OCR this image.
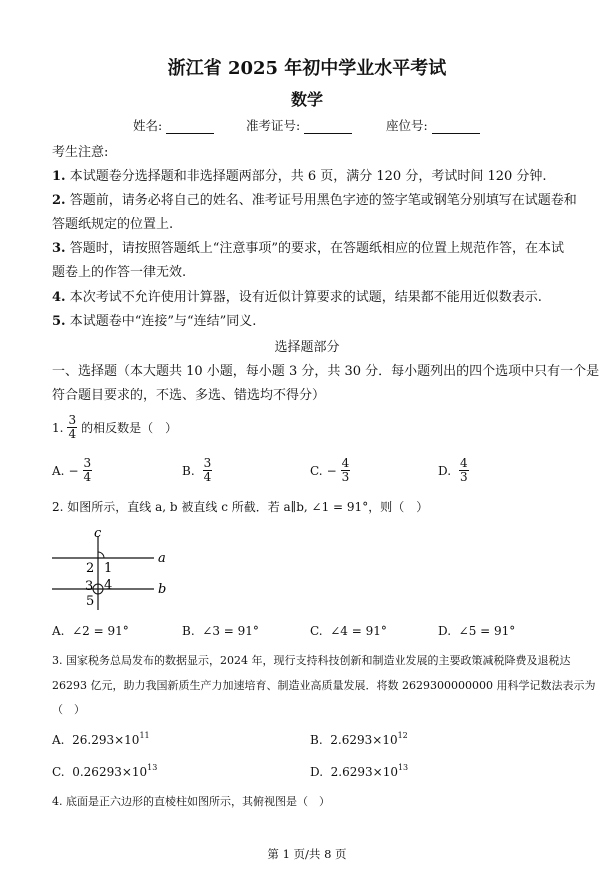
浙江省 2025 年初中学业水平考试
数学
姓名:	准考证号:	座位号:
考生注意:
1. 本试题卷分选择题和非选择题两部分，共 6 页，满分 120 分，考试时间 120 分钟.
2. 答题前，请务必将自己的姓名、准考证号用黑色字迹的签字笔或钢笔分别填写在试题卷和
答题纸规定的位置上.
3. 答题时，请按照答题纸上“注意事项”的要求，在答题纸相应的位置上规范作答，在本试
题卷上的作答一律无效.
4. 本次考试不允许使用计算器，设有近似计算要求的试题，结果都不能用近似数表示.
5. 本试题卷中“连接”与“连结”同义.
选择题部分
一、选择题（本大题共 10 小题，每小题 3 分，共 30 分．每小题列出的四个选项中只有一个是
符合题目要求的，不选、多选、错选均不得分）
1. $\frac{3}{4}$ 的相反数是（　）
A. − $\frac{3}{4}$	B. $\frac{3}{4}$	C. − $\frac{4}{3}$	D. $\frac{4}{3}$
2. 如图所示，直线 a, b 被直线 c 所截．若 a∥b, ∠1 = 91°，则（　）
c
a
b
1
2
3 4
5
A. ∠2 = 91°	B. ∠3 = 91°	C. ∠4 = 91°	D. ∠5 = 91°
3. 国家税务总局发布的数据显示，2024 年，现行支持科技创新和制造业发展的主要政策减税降费及退税达
26293 亿元，助力我国新质生产力加速培育、制造业高质量发展．将数 2629300000000 用科学记数法表示为
（　）
A. $26.293\times 10^{11}$	B. $2.6293\times 10^{12}$
C. $0.26293\times 10^{13}$	D. $2.6293\times 10^{13}$
4. 底面是正六边形的直棱柱如图所示，其俯视图是（　）
第 1 页/共 8 页
